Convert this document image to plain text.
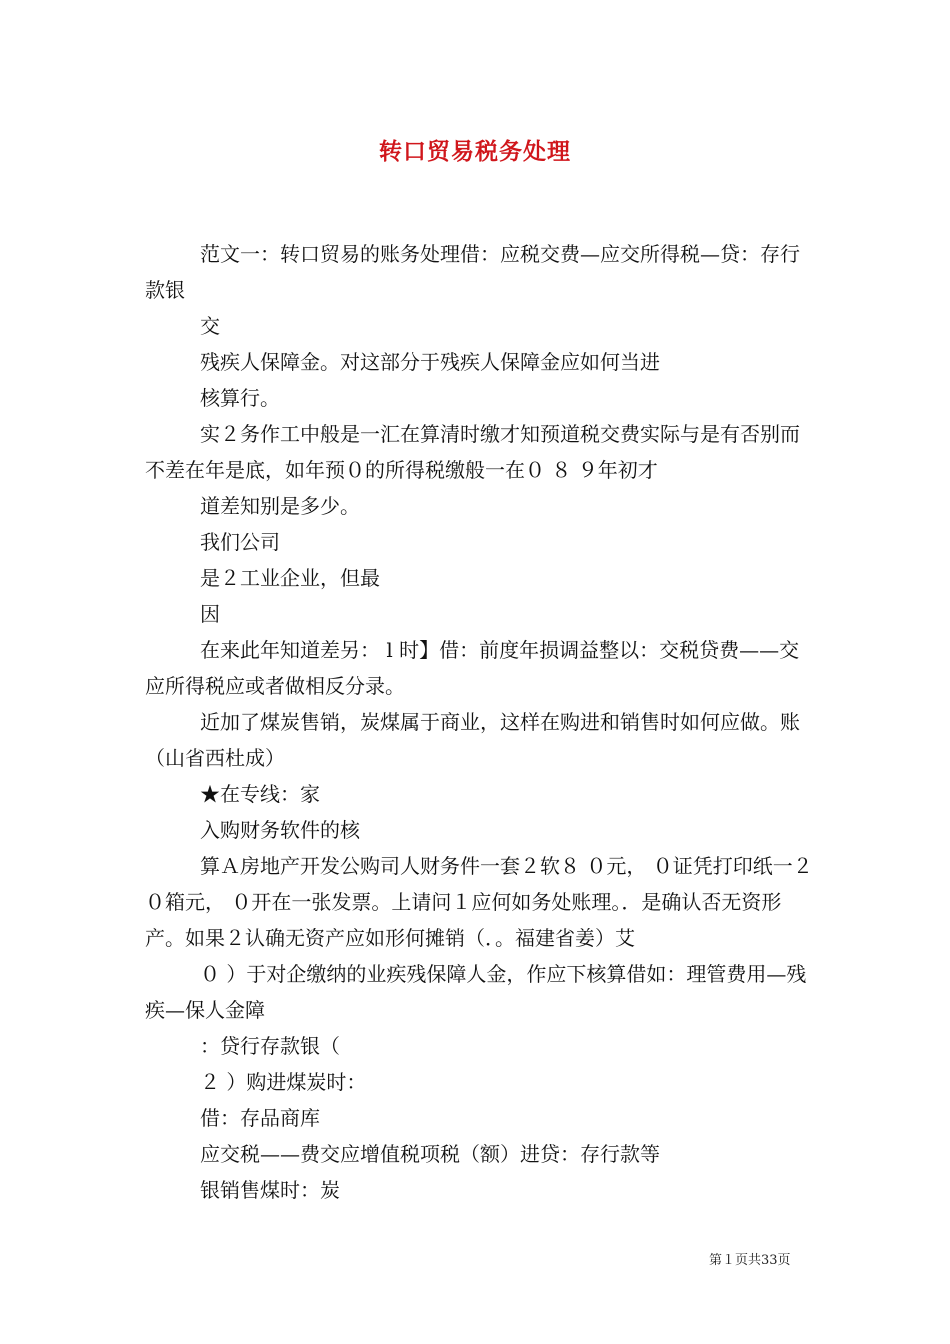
转口贸易税务处理

范文一：转口贸易的账务处理借：应税交费—应交所得税—贷：存行款银

交

残疾人保障金。对这部分于残疾人保障金应如何当进

核算行。

实２务作工中般是一汇在算清时缴才知预道税交费实际与是有否别而不差在年是底，如年预０的所得税缴般一在０ ８ ９年初才

道差知别是多少。

我们公司

是２工业企业，但最

因

在来此年知道差另： l 时】借：前度年损调益整以：交税贷费——交应所得税应或者做相反分录。

近加了煤炭售销，炭煤属于商业，这样在购进和销售时如何应做。账（山省西杜成）

★在专线：家

入购财务软件的核

算Ａ房地产开发公购司人财务件一套２软８ ０元， ０证凭打印纸一２ ０箱元， ０开在一张发票。上请问１应何如务处账理。．是确认否无资形产。如果２认确无资产应如形何摊销（．。福建省姜）艾

０ ）于对企缴纳的业疾残保障人金，作应下核算借如：理管费用—残疾—保人金障

：贷行存款银（

２ ）购进煤炭时：

借：存品商库

应交税——费交应增值税项税（额）进贷：存行款等

银销售煤时：炭

第１页共33页
